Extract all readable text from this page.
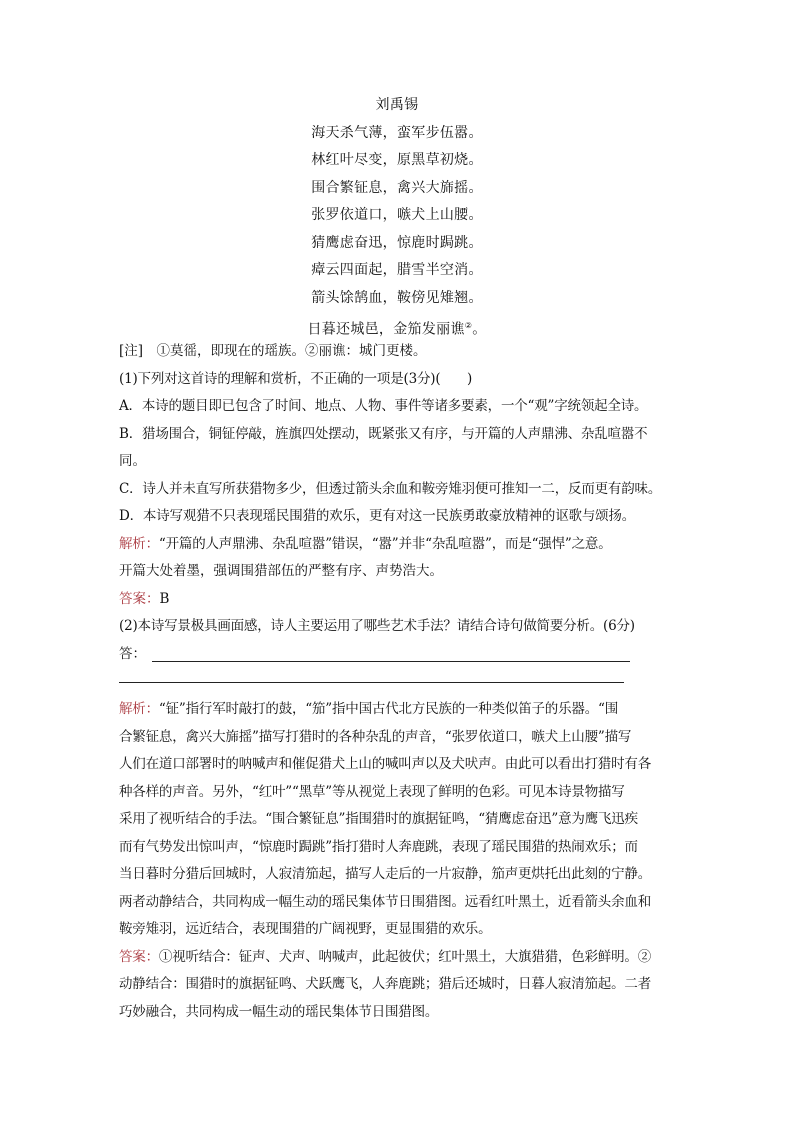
刘禹锡
海天杀气薄，蛮军步伍嚣。
林红叶尽变，原黑草初烧。
围合繁钲息，禽兴大旆摇。
张罗依道口，嗾犬上山腰。
猜鹰虑奋迅，惊鹿时跼跳。
瘴云四面起，腊雪半空消。
箭头馀鹄血，鞍傍见雉翘。
日暮还城邑，金笳发丽谯②。

[注]　①莫徭，即现在的瑶族。②丽谯：城门更楼。

(1)下列对这首诗的理解和赏析，不正确的一项是(3分)(　　)

A．本诗的题目即已包含了时间、地点、人物、事件等诸多要素，一个“观”字统领起全诗。

B．猎场围合，铜钲停敲，旌旗四处摆动，既紧张又有序，与开篇的人声鼎沸、杂乱喧嚣不

同。

C．诗人并未直写所获猎物多少，但透过箭头余血和鞍旁雉羽便可推知一二，反而更有韵味。

D．本诗写观猎不只表现瑶民围猎的欢乐，更有对这一民族勇敢豪放精神的讴歌与颂扬。

解析：“开篇的人声鼎沸、杂乱喧嚣”错误，“嚣”并非“杂乱喧嚣”，而是“强悍”之意。

开篇大处着墨，强调围猎部伍的严整有序、声势浩大。

答案：B

(2)本诗写景极具画面感，诗人主要运用了哪些艺术手法？请结合诗句做简要分析。(6分)

答：

解析：“钲”指行军时敲打的鼓，“笳”指中国古代北方民族的一种类似笛子的乐器。“围

合繁钲息，禽兴大旆摇”描写打猎时的各种杂乱的声音，“张罗依道口，嗾犬上山腰”描写

人们在道口部署时的呐喊声和催促猎犬上山的喊叫声以及犬吠声。由此可以看出打猎时有各

种各样的声音。另外，“红叶”“黑草”等从视觉上表现了鲜明的色彩。可见本诗景物描写

采用了视听结合的手法。“围合繁钲息”指围猎时的旗据钲鸣，“猜鹰虑奋迅”意为鹰飞迅疾

而有气势发出惊叫声，“惊鹿时跼跳”指打猎时人奔鹿跳，表现了瑶民围猎的热闹欢乐；而

当日暮时分猎后回城时，人寂清笳起，描写人走后的一片寂静，笳声更烘托出此刻的宁静。

两者动静结合，共同构成一幅生动的瑶民集体节日围猎图。远看红叶黑土，近看箭头余血和

鞍旁雉羽，远近结合，表现围猎的广阔视野，更显围猎的欢乐。

答案：①视听结合：钲声、犬声、呐喊声，此起彼伏；红叶黑土，大旗猎猎，色彩鲜明。②

动静结合：围猎时的旗据钲鸣、犬跃鹰飞，人奔鹿跳；猎后还城时，日暮人寂清笳起。二者

巧妙融合，共同构成一幅生动的瑶民集体节日围猎图。
